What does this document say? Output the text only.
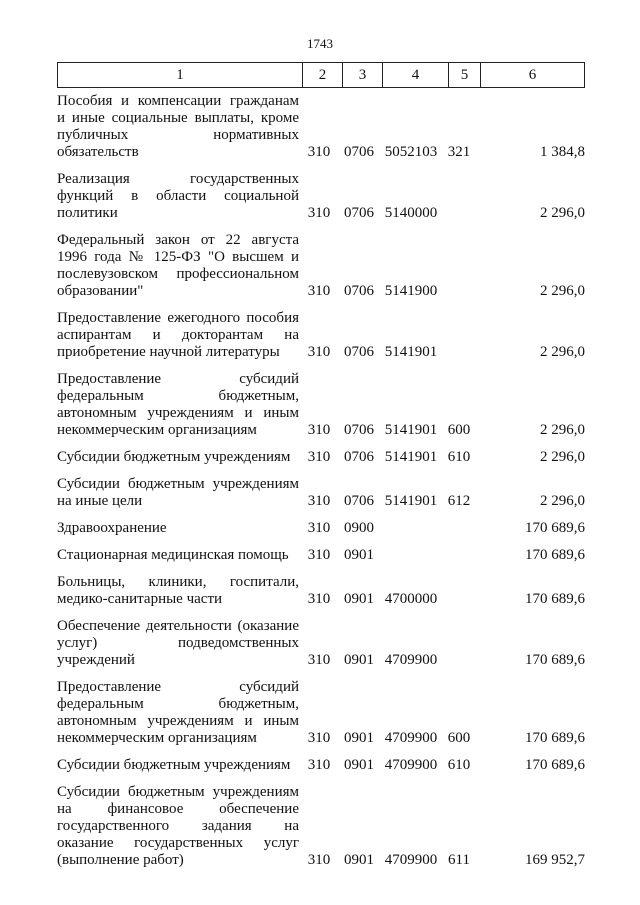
1743
1	2	3	4	5	6
Пособия и компенсации гражданам
и иные социальные выплаты, кроме
публичных нормативных
обязательств	310 0706 5052103 321	1 384,8
Реализация государственных
функций в области социальной
политики	310 0706 5140000	2 296,0
Федеральный закон от 22 августа
1996 года № 125-ФЗ "О высшем и
послевузовском профессиональном
образовании"	310 0706 5141900	2 296,0
Предоставление ежегодного пособия
аспирантам и докторантам на
приобретение научной литературы	310 0706 5141901	2 296,0
Предоставление субсидий
федеральным бюджетным,
автономным учреждениям и иным
некоммерческим организациям	310 0706 5141901 600	2 296,0
Субсидии бюджетным учреждениям	310 0706 5141901 610	2 296,0
Субсидии бюджетным учреждениям
на иные цели	310 0706 5141901 612	2 296,0
Здравоохранение	310 0900	170 689,6
Стационарная медицинская помощь	310 0901	170 689,6
Больницы, клиники, госпитали,
медико-санитарные части	310 0901 4700000	170 689,6
Обеспечение деятельности (оказание
услуг) подведомственных
учреждений	310 0901 4709900	170 689,6
Предоставление субсидий
федеральным бюджетным,
автономным учреждениям и иным
некоммерческим организациям	310 0901 4709900 600	170 689,6
Субсидии бюджетным учреждениям	310 0901 4709900 610	170 689,6
Субсидии бюджетным учреждениям
на финансовое обеспечение
государственного задания на
оказание государственных услуг
(выполнение работ)	310 0901 4709900 611	169 952,7
